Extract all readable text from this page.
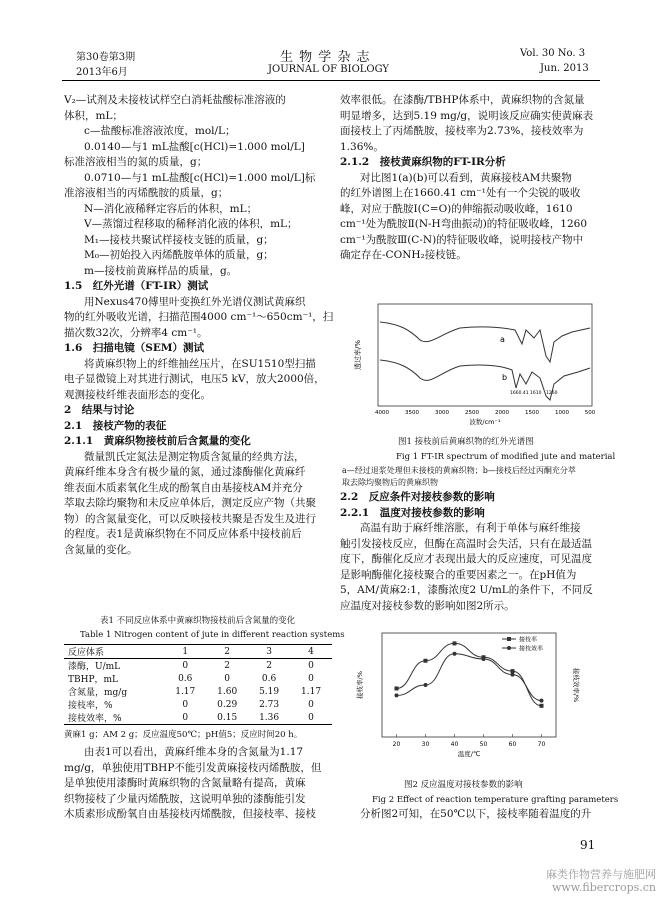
第30卷第3期
2013年6月
生 物 学 杂 志
JOURNAL OF BIOLOGY
Vol. 30 No. 3
Jun. 2013

V₂—试剂及未接枝试样空白消耗盐酸标准溶液的

体积，mL；

c—盐酸标准溶液浓度，mol/L；

0.0140—与1 mL盐酸[c(HCl)=1.000 mol/L]

标准溶液相当的氮的质量，g；

0.0710—与1 mL盐酸[c(HCl)=1.000 mol/L]标

准溶液相当的丙烯酰胺的质量，g；

N—消化液稀释定容后的体积，mL；

V—蒸馏过程移取的稀释消化液的体积，mL；

M₁—接枝共聚试样接枝支链的质量，g；

M₀—初始投入丙烯酰胺单体的质量，g；

m—接枝前黄麻样品的质量，g。

1.5　红外光谱（FT-IR）测试

用Nexus470傅里叶变换红外光谱仪测试黄麻织

物的红外吸收光谱，扫描范围4000 cm⁻¹～650cm⁻¹，扫

描次数32次，分辨率4 cm⁻¹。

1.6　扫描电镜（SEM）测试

将黄麻织物上的纤维抽丝压片，在SU1510型扫描

电子显微镜上对其进行测试，电压5 kV，放大2000倍，

观测接枝纤维表面形态的变化。

2　结果与讨论

2.1　接枝产物的表征

2.1.1　黄麻织物接枝前后含氮量的变化

微量凯氏定氮法是测定物质含氮量的经典方法，

黄麻纤维本身含有极少量的氮，通过漆酶催化黄麻纤

维表面木质素氧化生成的酚氧自由基接枝AM并充分

萃取去除均聚物和未反应单体后，测定反应产物（共聚

物）的含氮量变化，可以反映接枝共聚是否发生及进行

的程度。表1是黄麻织物在不同反应体系中接枝前后

含氮量的变化。

表1 不同反应体系中黄麻织物接枝前后含氮量的变化
Table 1 Nitrogen content of jute in different reaction systems
反应体系	1	2	3	4
漆酶，U/mL	0	2	2	0
TBHP，mL	0.6	0	0.6	0
含氮量，mg/g	1.17	1.60	5.19	1.17
接枝率，%	0	0.29	2.73	0
接枝效率，%	0	0.15	1.36	0
黄麻1 g；AM 2 g；反应温度50℃；pH值5；反应时间20 h。

由表1可以看出，黄麻纤维本身的含氮量为1.17

mg/g，单独使用TBHP不能引发黄麻接枝丙烯酰胺，但

是单独使用漆酶时黄麻织物的含氮量略有提高，黄麻

织物接枝了少量丙烯酰胺，这说明单独的漆酶能引发

木质素形成酚氧自由基接枝丙烯酰胺，但接枝率、接枝

效率很低。在漆酶/TBHP体系中，黄麻织物的含氮量

明显增多，达到5.19 mg/g，说明该反应确实使黄麻表

面接枝上了丙烯酰胺，接枝率为2.73%，接枝效率为

1.36%。

2.1.2　接枝黄麻织物的FT-IR分析

对比图1(a)(b)可以看到，黄麻接枝AM共聚物

的红外谱图上在1660.41 cm⁻¹处有一个尖锐的吸收

峰，对应于酰胺Ⅰ(C=O)的伸缩振动吸收峰，1610

cm⁻¹处为酰胺Ⅱ(N-H弯曲振动)的特征吸收峰，1260

cm⁻¹为酰胺Ⅲ(C-N)的特征吸收峰，说明接枝产物中

确定存在-CONH₂接枝链。

透过率/%
a
b
1660.41 1610 1260
4000	3500	3000	2500	2000	1500	1000	500
波数/cm⁻¹
图1 接枝前后黄麻织物的红外光谱图
Fig 1 FT-IR spectrum of modified jute and material
a—经过退浆处理但未接枝的黄麻织物；b—接枝后经过丙酮充分萃
取去除均聚物后的黄麻织物

2.2　反应条件对接枝参数的影响

2.2.1　温度对接枝参数的影响

高温有助于麻纤维溶胀，有利于单体与麻纤维接

触引发接枝反应，但酶在高温时会失活，只有在最适温

度下，酶催化反应才表现出最大的反应速度，可见温度

是影响酶催化接枝聚合的重要因素之一。在pH值为

5，AM/黄麻2:1，漆酶浓度2 U/mL的条件下，不同反

应温度对接枝参数的影响如图2所示。

20	30	40	50	60	70
温度/℃
接枝率/%	接枝效率/%
接枝率
接枝效率
图2 反应温度对接枝参数的影响
Fig 2 Effect of reaction temperature grafting parameters

分析图2可知，在50℃以下，接枝率随着温度的升

91
麻类作物营养与施肥网 www.fibercrops.cn
